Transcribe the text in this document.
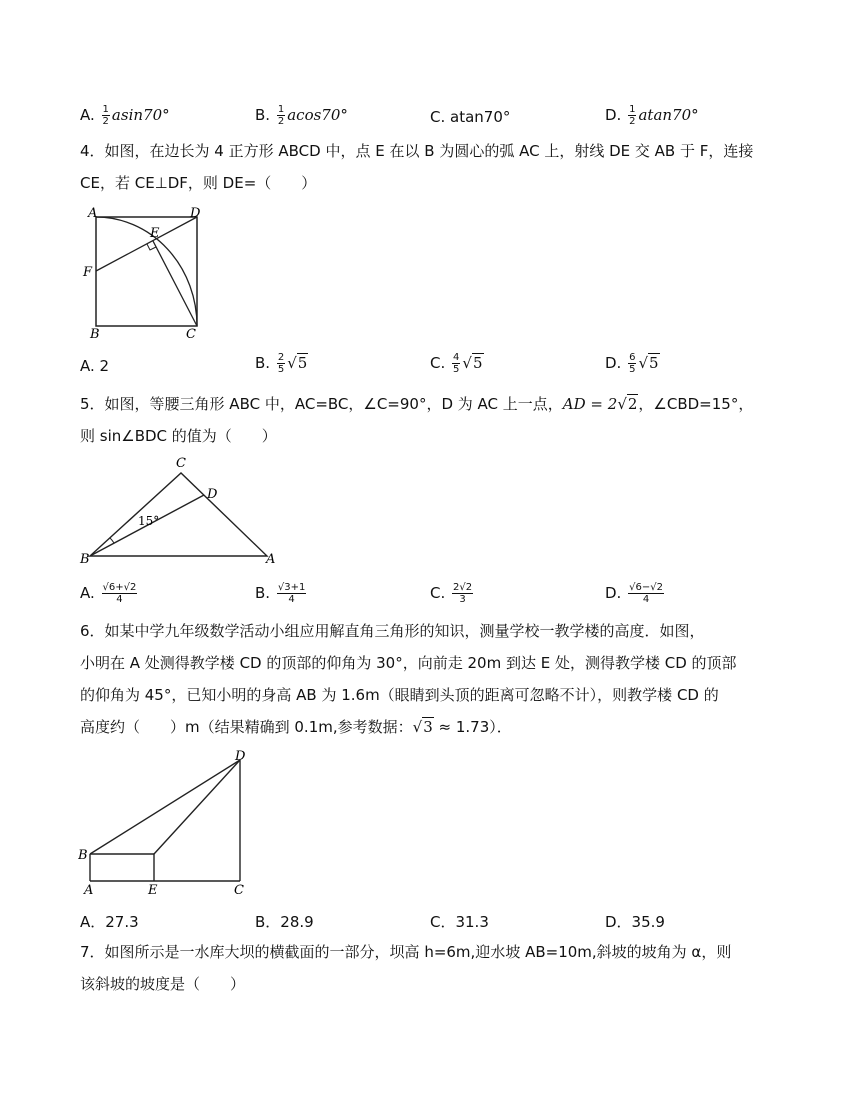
A. $\frac{1}{2} asin70^\circ$	B. $\frac{1}{2} acos70^\circ$	C. atan70°	D. $\frac{1}{2} atan70^\circ$
4．如图，在边长为 4 正方形 ABCD 中，点 E 在以 B 为圆心的弧 AC 上，射线 DE 交 AB 于 F，连接
CE，若 CE⊥DF，则 DE=（　　）
A	D
E
F
B	C
A. 2	B. $\frac{2}{5} √5$	C. $\frac{4}{5} √5$	D. $\frac{6}{5} √5$
5．如图，等腰三角形 ABC 中，AC=BC，∠C=90°，D 为 AC 上一点，AD = 2√2，∠CBD=15°，
则 sin∠BDC 的值为（　　）
C
D
B	A
15°
A. $\frac{√6+√2}{4}$	B. $\frac{√3+1}{4}$	C. $\frac{2√2}{3}$	D. $\frac{√6-√2}{4}$
6．如某中学九年级数学活动小组应用解直角三角形的知识，测量学校一教学楼的高度．如图，
小明在 A 处测得教学楼 CD 的顶部的仰角为 30°，向前走 20m 到达 E 处，测得教学楼 CD 的顶部
的仰角为 45°，已知小明的身高 AB 为 1.6m（眼睛到头顶的距离可忽略不计），则教学楼 CD 的
高度约（　　）m（结果精确到 0.1m,参考数据：√3 ≈ 1.73）．
D
B
A	E	C
A．27.3	B．28.9	C．31.3	D．35.9
7．如图所示是一水库大坝的横截面的一部分，坝高 h=6m,迎水坡 AB=10m,斜坡的坡角为 α，则
该斜坡的坡度是（　　）
